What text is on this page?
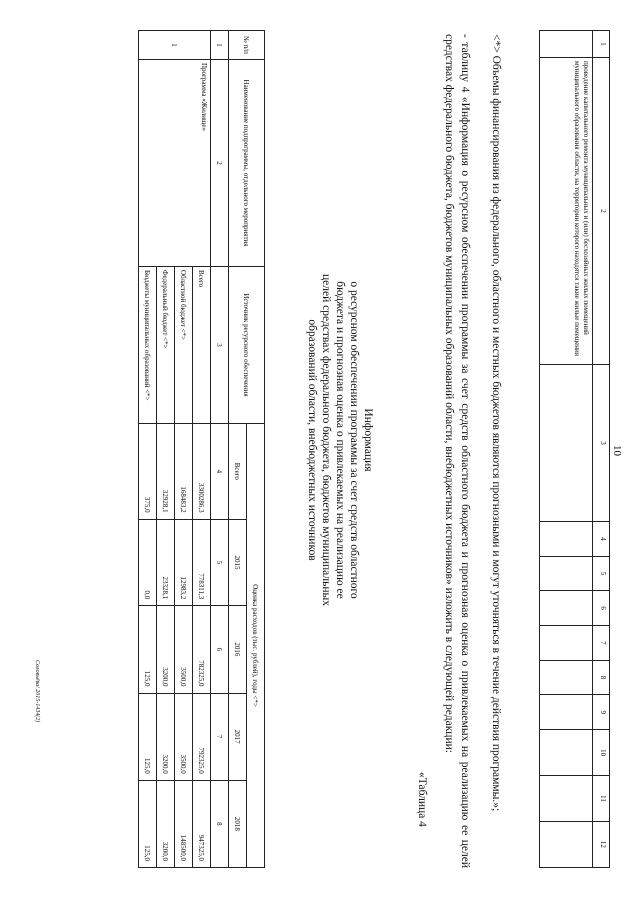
10
1	2	3	4	5	6	7	8	9	10	11	12
	проведение капитального ремонта муниципальных и (или) бесхозяйных жилых помещений муниципального образования области, на территории которого находятся такие жилые помещения										
<*> Объемы финансирования из федерального, областного и местных бюджетов являются прогнозными и могут уточняться в течение действия программы.»;
- таблицу 4 «Информация о ресурсном обеспечении программы за счет средств областного бюджета и прогнозная оценка о привлекаемых на реализацию ее целей средствах федерального бюджета, бюджетов муниципальных образований области, внебюджетных источников» изложить в следующей редакции:
«Таблица 4
Информация
о ресурсном обеспечении программы за счет средств областного
бюджета и прогнозная оценка о привлекаемых на реализацию ее
целей средствах федерального бюджета, бюджетов муниципальных
образований области, внебюджетных источников
№ п/п	Наименование подпрограммы, отдельного мероприятия	Источник ресурсного обеспечения	Оценка расходов (тыс. рублей), годы <*>				
			Всего	2015	2016	2017	2018
1	2	3	4	5	6	7	8
1	Программа «Жилище»	Всего	3300286,3	778311,3	782325,0	792325,0	947325,0
		Областной бюджет <*>	168483,2	12983,2	3500,0	3500,0	148500,0
		Федеральный бюджет <*>	32928,1	23328,1	3200,0	3200,0	3200,0
		Бюджеты муниципальных образований <*>	375,0	0,0	125,0	125,0	125,0
Соловьёва/ 2015-1434(2)
